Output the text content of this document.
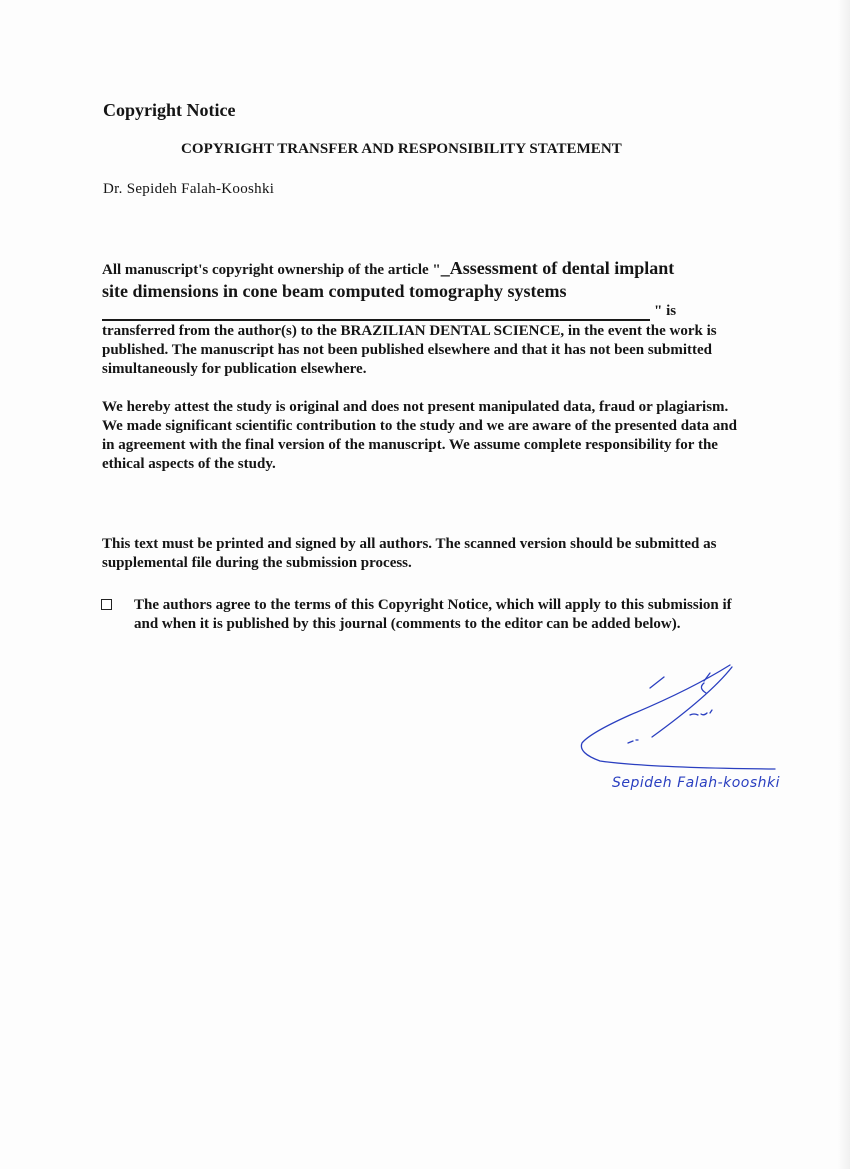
Copyright Notice
COPYRIGHT TRANSFER AND RESPONSIBILITY STATEMENT
Dr. Sepideh Falah-Kooshki
All manuscript's copyright ownership of the article "_Assessment of dental implant
site dimensions in cone beam computed tomography systems
" is
transferred from the author(s) to the BRAZILIAN DENTAL SCIENCE, in the event the work is published. The manuscript has not been published elsewhere and that it has not been submitted simultaneously for publication elsewhere.
We hereby attest the study is original and does not present manipulated data, fraud or plagiarism. We made significant scientific contribution to the study and we are aware of the presented data and in agreement with the final version of the manuscript. We assume complete responsibility for the ethical aspects of the study.
This text must be printed and signed by all authors. The scanned version should be submitted as supplemental file during the submission process.
The authors agree to the terms of this Copyright Notice, which will apply to this submission if and when it is published by this journal (comments to the editor can be added below).
Sepideh Falah-kooshki
